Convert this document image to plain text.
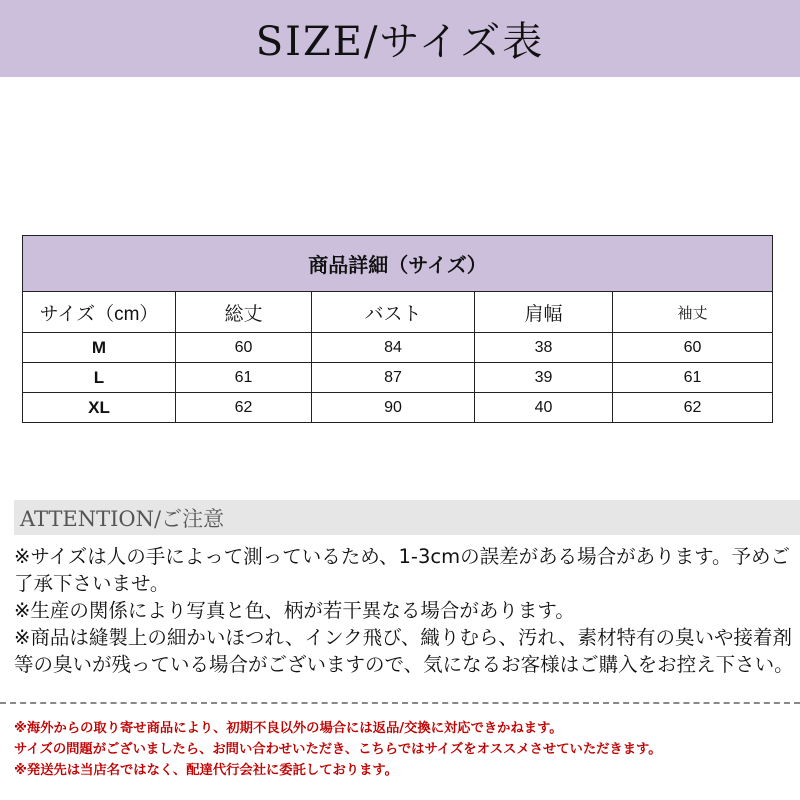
SIZE/サイズ表
商品詳細（サイズ）				
サイズ（cm）	総丈	バスト	肩幅	袖丈
M	60	84	38	60
L	61	87	39	61
XL	62	90	40	62
ATTENTION/ご注意
※サイズは人の手によって測っているため、1-3cmの誤差がある場合があります。予めご了承下さいませ。
※生産の関係により写真と色、柄が若干異なる場合があります。
※商品は縫製上の細かいほつれ、インク飛び、織りむら、汚れ、素材特有の臭いや接着剤等の臭いが残っている場合がございますので、気になるお客様はご購入をお控え下さい。
※海外からの取り寄せ商品により、初期不良以外の場合には返品/交換に対応できかねます。
サイズの問題がございましたら、お問い合わせいただき、こちらではサイズをオススメさせていただきます。
※発送先は当店名ではなく、配達代行会社に委託しております。
